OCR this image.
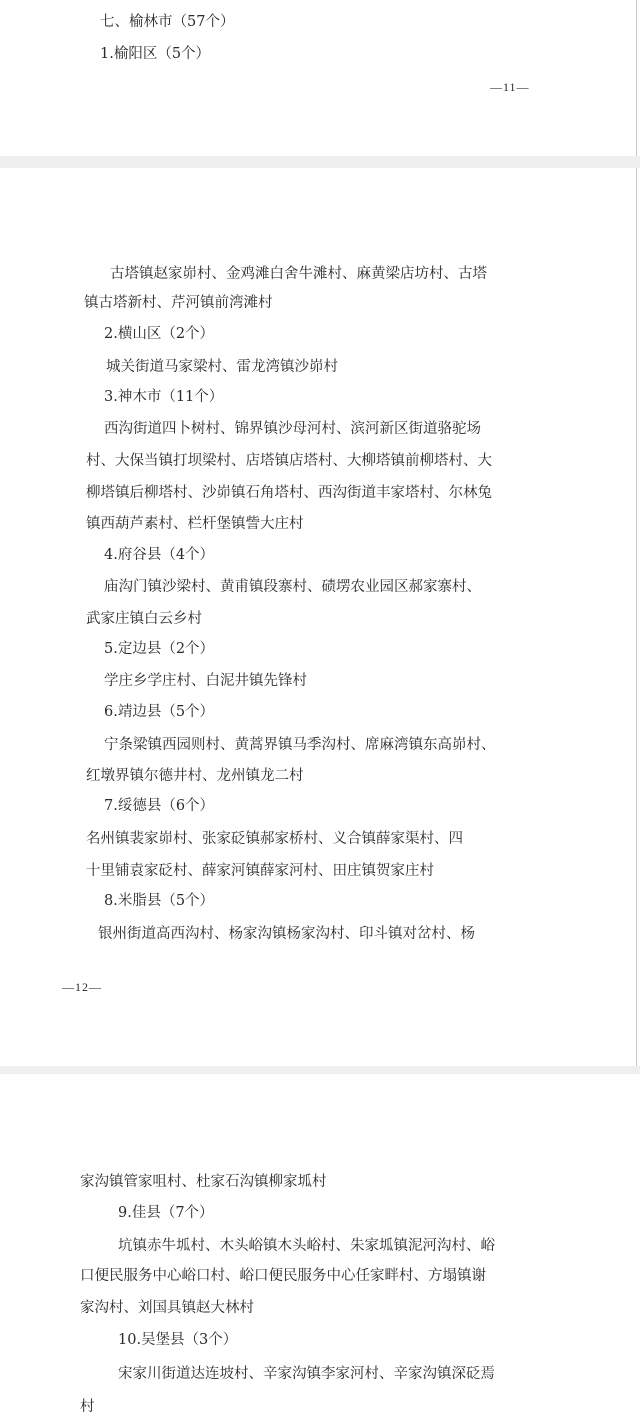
七、榆林市（57个）
1.榆阳区（5个）
—11—
古塔镇赵家峁村、金鸡滩白舍牛滩村、麻黄梁店坊村、古塔
镇古塔新村、芹河镇前湾滩村
2.横山区（2个）
城关街道马家梁村、雷龙湾镇沙峁村
3.神木市（11个）
西沟街道四卜树村、锦界镇沙母河村、滨河新区街道骆驼场
村、大保当镇打坝梁村、店塔镇店塔村、大柳塔镇前柳塔村、大
柳塔镇后柳塔村、沙峁镇石角塔村、西沟街道丰家塔村、尔林兔
镇西葫芦素村、栏杆堡镇訾大庄村
4.府谷县（4个）
庙沟门镇沙梁村、黄甫镇段寨村、碛塄农业园区郝家寨村、
武家庄镇白云乡村
5.定边县（2个）
学庄乡学庄村、白泥井镇先锋村
6.靖边县（5个）
宁条梁镇西园则村、黄蒿界镇马季沟村、席麻湾镇东高峁村、
红墩界镇尔德井村、龙州镇龙二村
7.绥德县（6个）
名州镇裴家峁村、张家砭镇郝家桥村、义合镇薛家渠村、四
十里铺袁家砭村、薛家河镇薛家河村、田庄镇贺家庄村
8.米脂县（5个）
银州街道高西沟村、杨家沟镇杨家沟村、印斗镇对岔村、杨
—12—
家沟镇管家咀村、杜家石沟镇柳家坬村
9.佳县（7个）
坑镇赤牛坬村、木头峪镇木头峪村、朱家坬镇泥河沟村、峪
口便民服务中心峪口村、峪口便民服务中心任家畔村、方塌镇谢
家沟村、刘国具镇赵大林村
10.吴堡县（3个）
宋家川街道达连坡村、辛家沟镇李家河村、辛家沟镇深砭焉
村
